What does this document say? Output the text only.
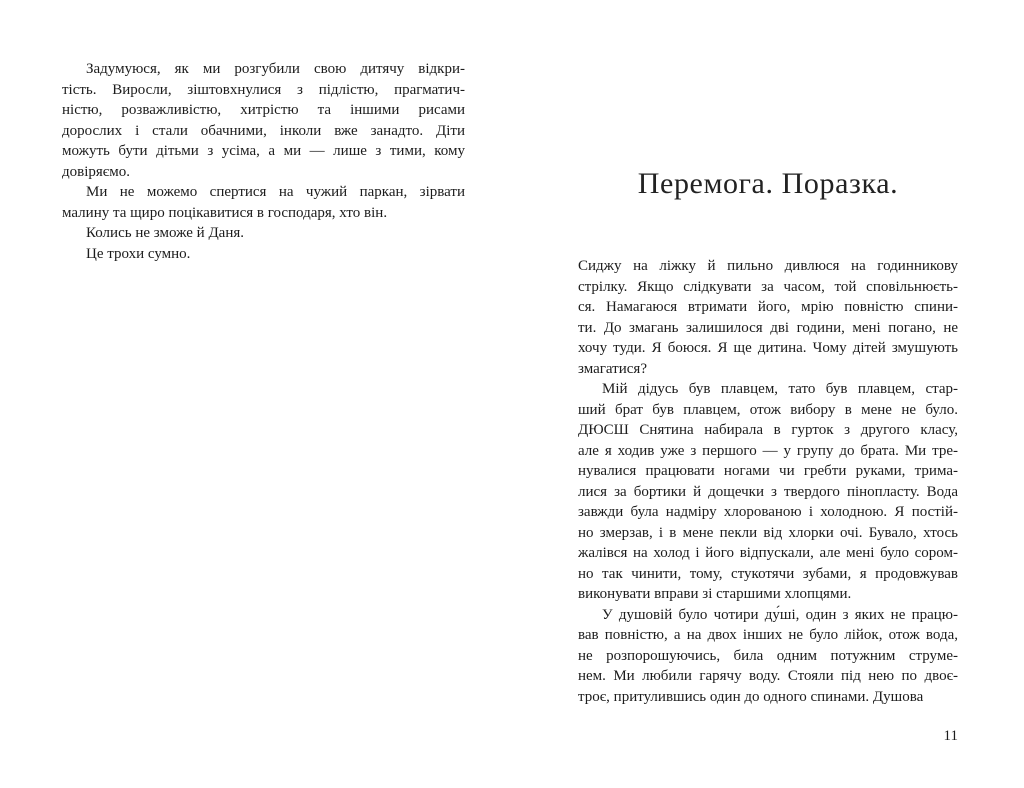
Задумуюся, як ми розгубили свою дитячу відкри-
тість. Виросли, зіштовхнулися з підлістю, прагматич-
ністю, розважливістю, хитрістю та іншими рисами
дорослих і стали обачними, інколи вже занадто. Діти
можуть бути дітьми з усіма, а ми — лише з тими, кому
довіряємо.
Ми не можемо спертися на чужий паркан, зірвати
малину та щиро поцікавитися в господаря, хто він.
Колись не зможе й Даня.
Це трохи сумно.
Перемога. Поразка.
Сиджу на ліжку й пильно дивлюся на годинникову
стрілку. Якщо слідкувати за часом, той сповільнюєть-
ся. Намагаюся втримати його, мрію повністю спини-
ти. До змагань залишилося дві години, мені погано, не
хочу туди. Я боюся. Я ще дитина. Чому дітей змушують
змагатися?
Мій дідусь був плавцем, тато був плавцем, стар-
ший брат був плавцем, отож вибору в мене не було.
ДЮСШ Снятина набирала в гурток з другого класу,
але я ходив уже з першого — у групу до брата. Ми тре-
нувалися працювати ногами чи гребти руками, трима-
лися за бортики й дощечки з твердого пінопласту. Вода
завжди була надміру хлорованою і холодною. Я постій-
но змерзав, і в мене пекли від хлорки очі. Бувало, хтось
жалівся на холод і його відпускали, але мені було сором-
но так чинити, тому, стукотячи зубами, я продовжував
виконувати вправи зі старшими хлопцями.
У душовій було чотири ду́ші, один з яких не працю-
вав повністю, а на двох інших не було лійок, отож вода,
не розпорошуючись, била одним потужним струме-
нем. Ми любили гарячу воду. Стояли під нею по двоє-
троє, притулившись один до одного спинами. Душова
11
